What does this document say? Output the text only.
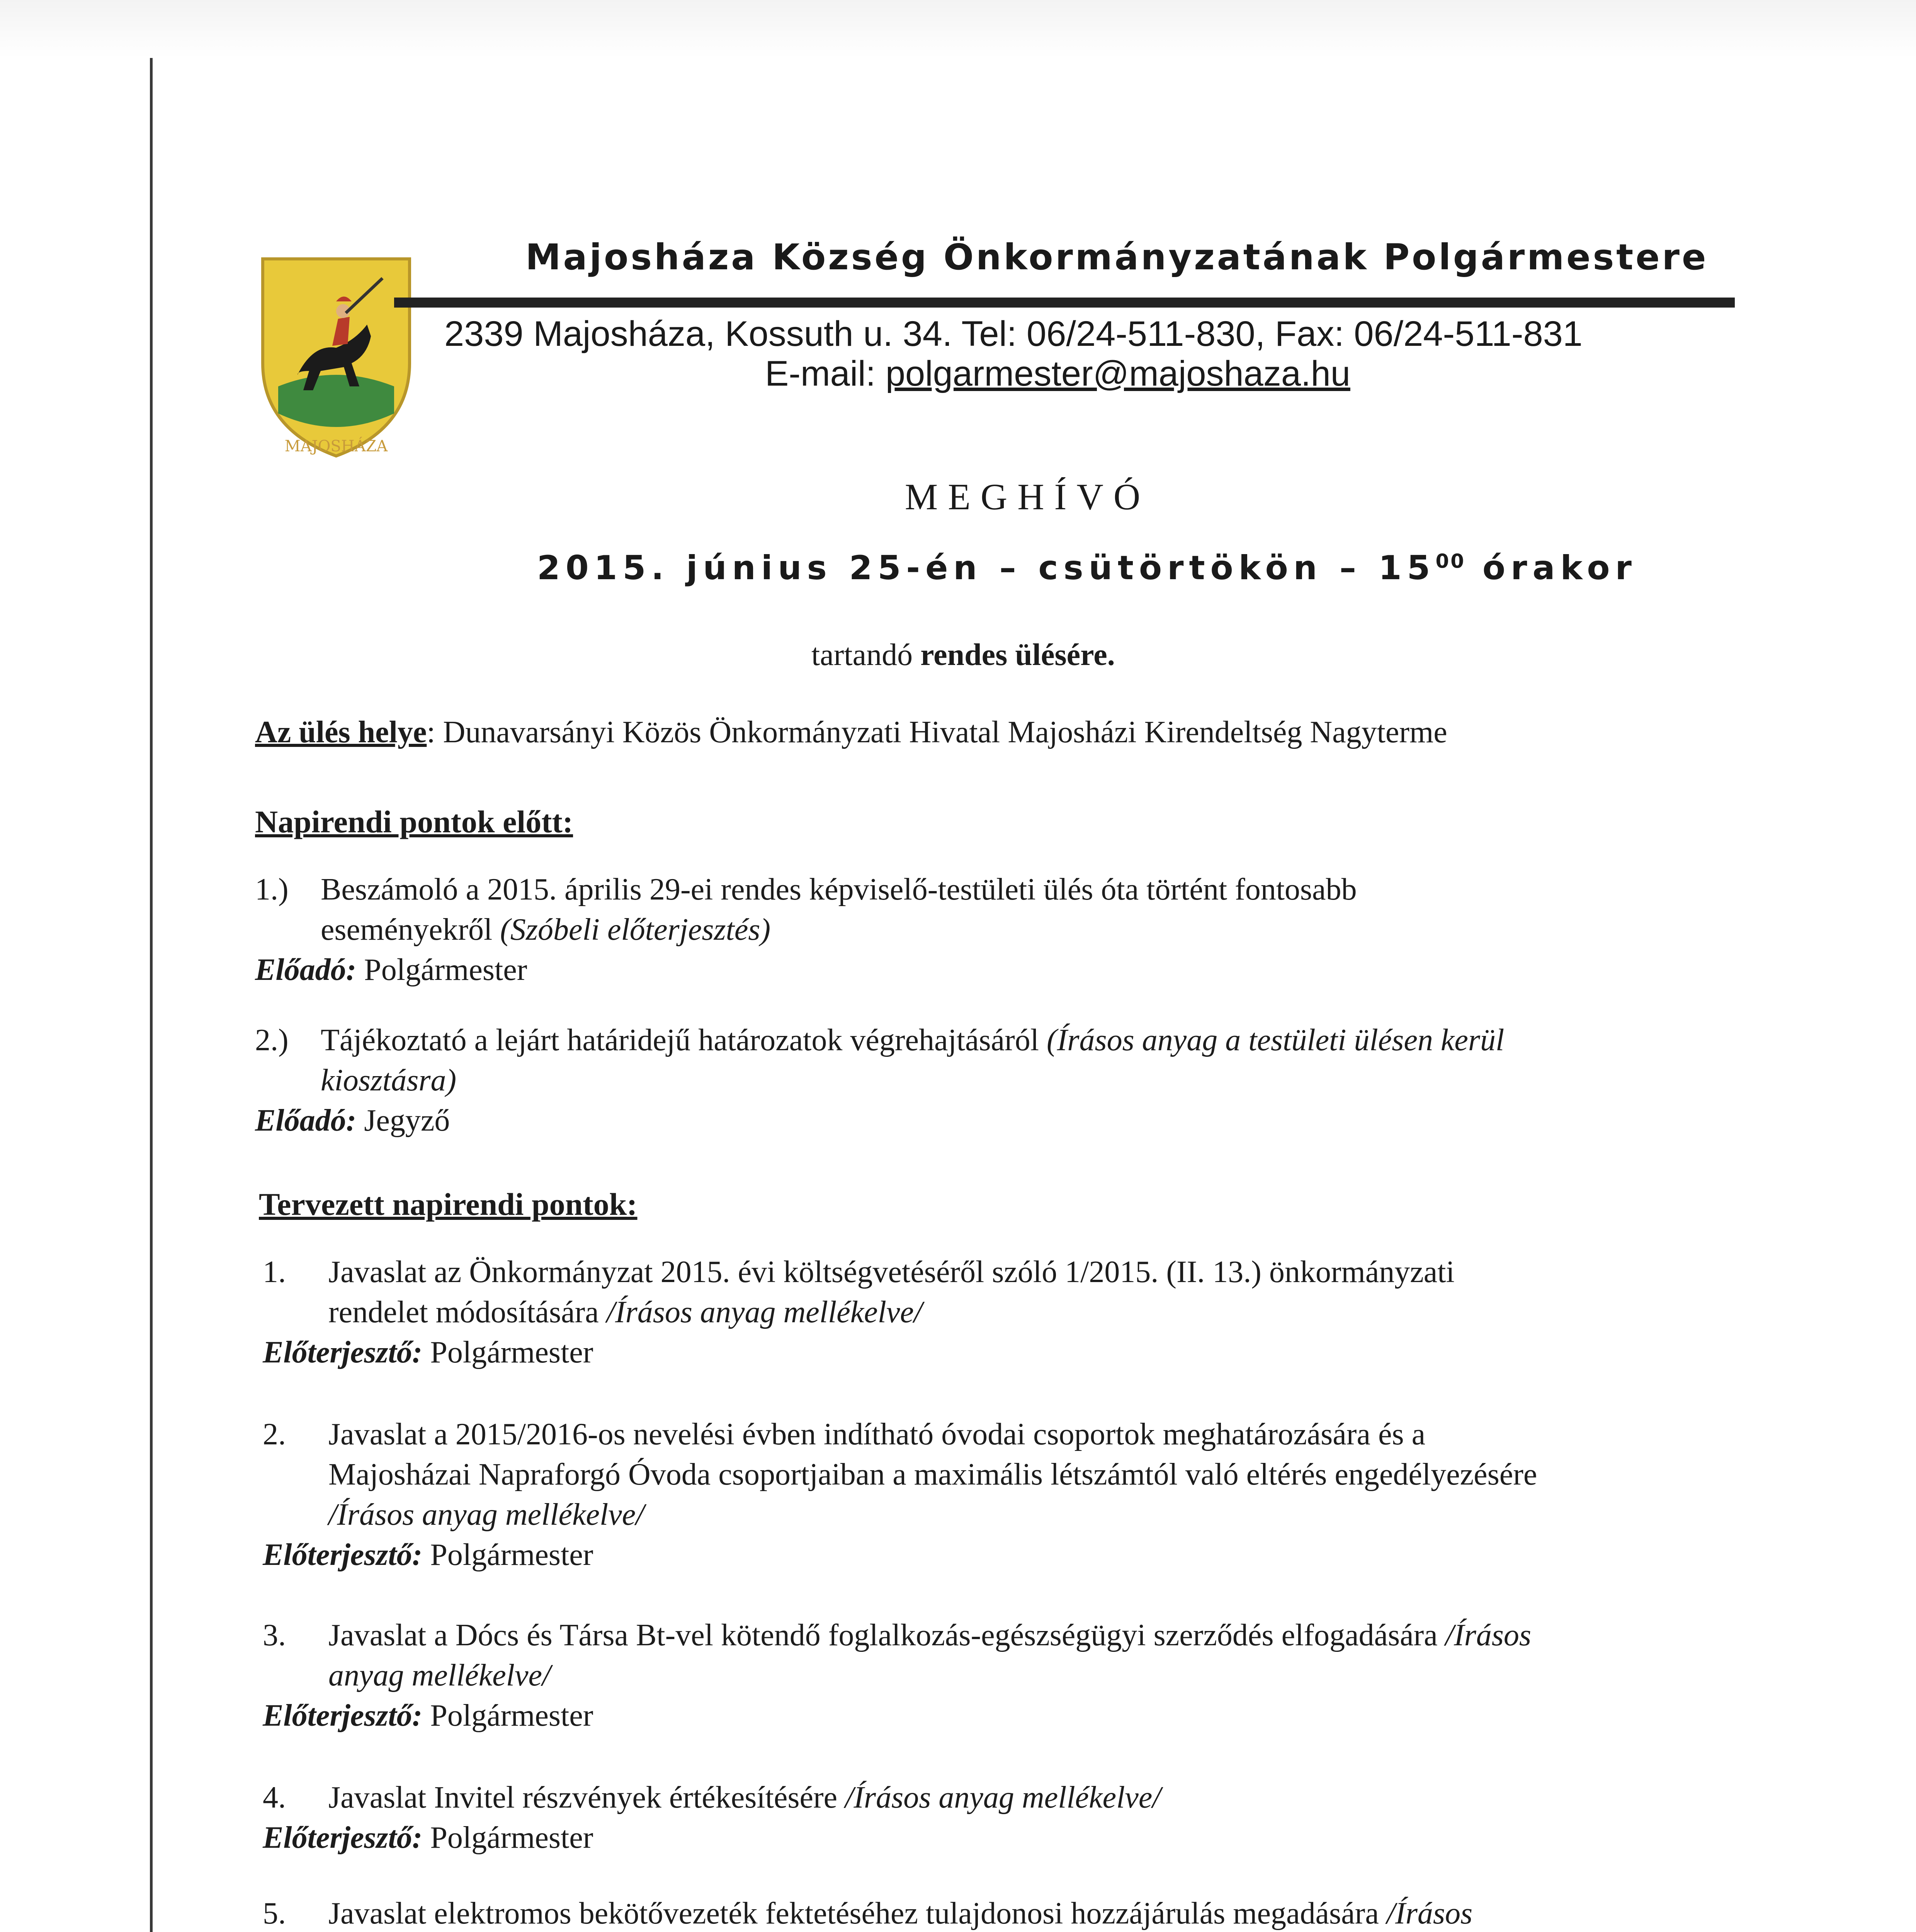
MAJOSHÁZA
Majosháza Község Önkormányzatának Polgármestere
2339 Majosháza, Kossuth u. 34. Tel: 06/24-511-830, Fax: 06/24-511-831
E-mail: polgarmester@majoshaza.hu
MEGHÍVÓ
2015. június 25-én – csütörtökön – $15^{00}$ órakor
tartandó rendes ülésére.
Az ülés helye: Dunavarsányi Közös Önkormányzati Hivatal Majosházi Kirendeltség Nagyterme
Napirendi pontok előtt:
1.) Beszámoló a 2015. április 29-ei rendes képviselő-testületi ülés óta történt fontosabb
eseményekről (Szóbeli előterjesztés)
Előadó: Polgármester
2.) Tájékoztató a lejárt határidejű határozatok végrehajtásáról (Írásos anyag a testületi ülésen kerül
kiosztásra)
Előadó: Jegyző
Tervezett napirendi pontok:
1. Javaslat az Önkormányzat 2015. évi költségvetéséről szóló 1/2015. (II. 13.) önkormányzati
rendelet módosítására /Írásos anyag mellékelve/
Előterjesztő: Polgármester
2. Javaslat a 2015/2016-os nevelési évben indítható óvodai csoportok meghatározására és a
Majosházai Napraforgó Óvoda csoportjaiban a maximális létszámtól való eltérés engedélyezésére
/Írásos anyag mellékelve/
Előterjesztő: Polgármester
3. Javaslat a Dócs és Társa Bt-vel kötendő foglalkozás-egészségügyi szerződés elfogadására /Írásos
anyag mellékelve/
Előterjesztő: Polgármester
4. Javaslat Invitel részvények értékesítésére /Írásos anyag mellékelve/
Előterjesztő: Polgármester
5. Javaslat elektromos bekötővezeték fektetéséhez tulajdonosi hozzájárulás megadására /Írásos
